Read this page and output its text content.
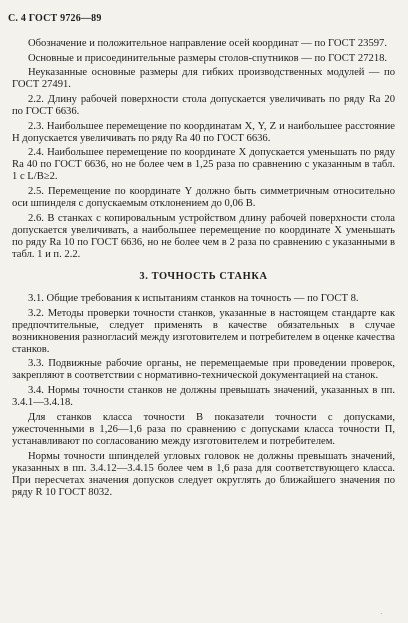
С. 4 ГОСТ 9726—89

Обозначение и положительное направление осей координат — по ГОСТ 23597.

Основные и присоединительные размеры столов-спутников — по ГОСТ 27218.

Неуказанные основные размеры для гибких производственных модулей — по ГОСТ 27491.

2.2. Длину рабочей поверхности стола допускается увеличивать по ряду Ra 20 по ГОСТ 6636.

2.3. Наибольшее перемещение по координатам X, Y, Z и наибольшее расстояние H допускается увеличивать по ряду Ra 40 по ГОСТ 6636.

2.4. Наибольшее перемещение по координате X допускается уменьшать по ряду Ra 40 по ГОСТ 6636, но не более чем в 1,25 раза по сравнению с указанным в табл. 1 с L/B≥2.

2.5. Перемещение по координате Y должно быть симметричным относительно оси шпинделя с допускаемым отклонением до 0,06 B.

2.6. В станках с копировальным устройством длину рабочей поверхности стола допускается увеличивать, а наибольшее перемещение по координате X уменьшать по ряду Ra 10 по ГОСТ 6636, но не более чем в 2 раза по сравнению с указанными в табл. 1 и п. 2.2.

3. ТОЧНОСТЬ СТАНКА

3.1. Общие требования к испытаниям станков на точность — по ГОСТ 8.

3.2. Методы проверки точности станков, указанные в настоящем стандарте как предпочтительные, следует применять в качестве обязательных в случае возникновения разногласий между изготовителем и потребителем в оценке качества станков.

3.3. Подвижные рабочие органы, не перемещаемые при проведении проверок, закрепляют в соответствии с нормативно-технической документацией на станок.

3.4. Нормы точности станков не должны превышать значений, указанных в пп. 3.4.1—3.4.18.

Для станков класса точности В показатели точности с допусками, ужесточенными в 1,26—1,6 раза по сравнению с допусками класса точности П, устанавливают по согласованию между изготовителем и потребителем.

Нормы точности шпинделей угловых головок не должны превышать значений, указанных в пп. 3.4.12—3.4.15 более чем в 1,6 раза для соответствующего класса. При пересчетах значения допусков следует округлять до ближайшего значения по ряду R 10 ГОСТ 8032.

·
